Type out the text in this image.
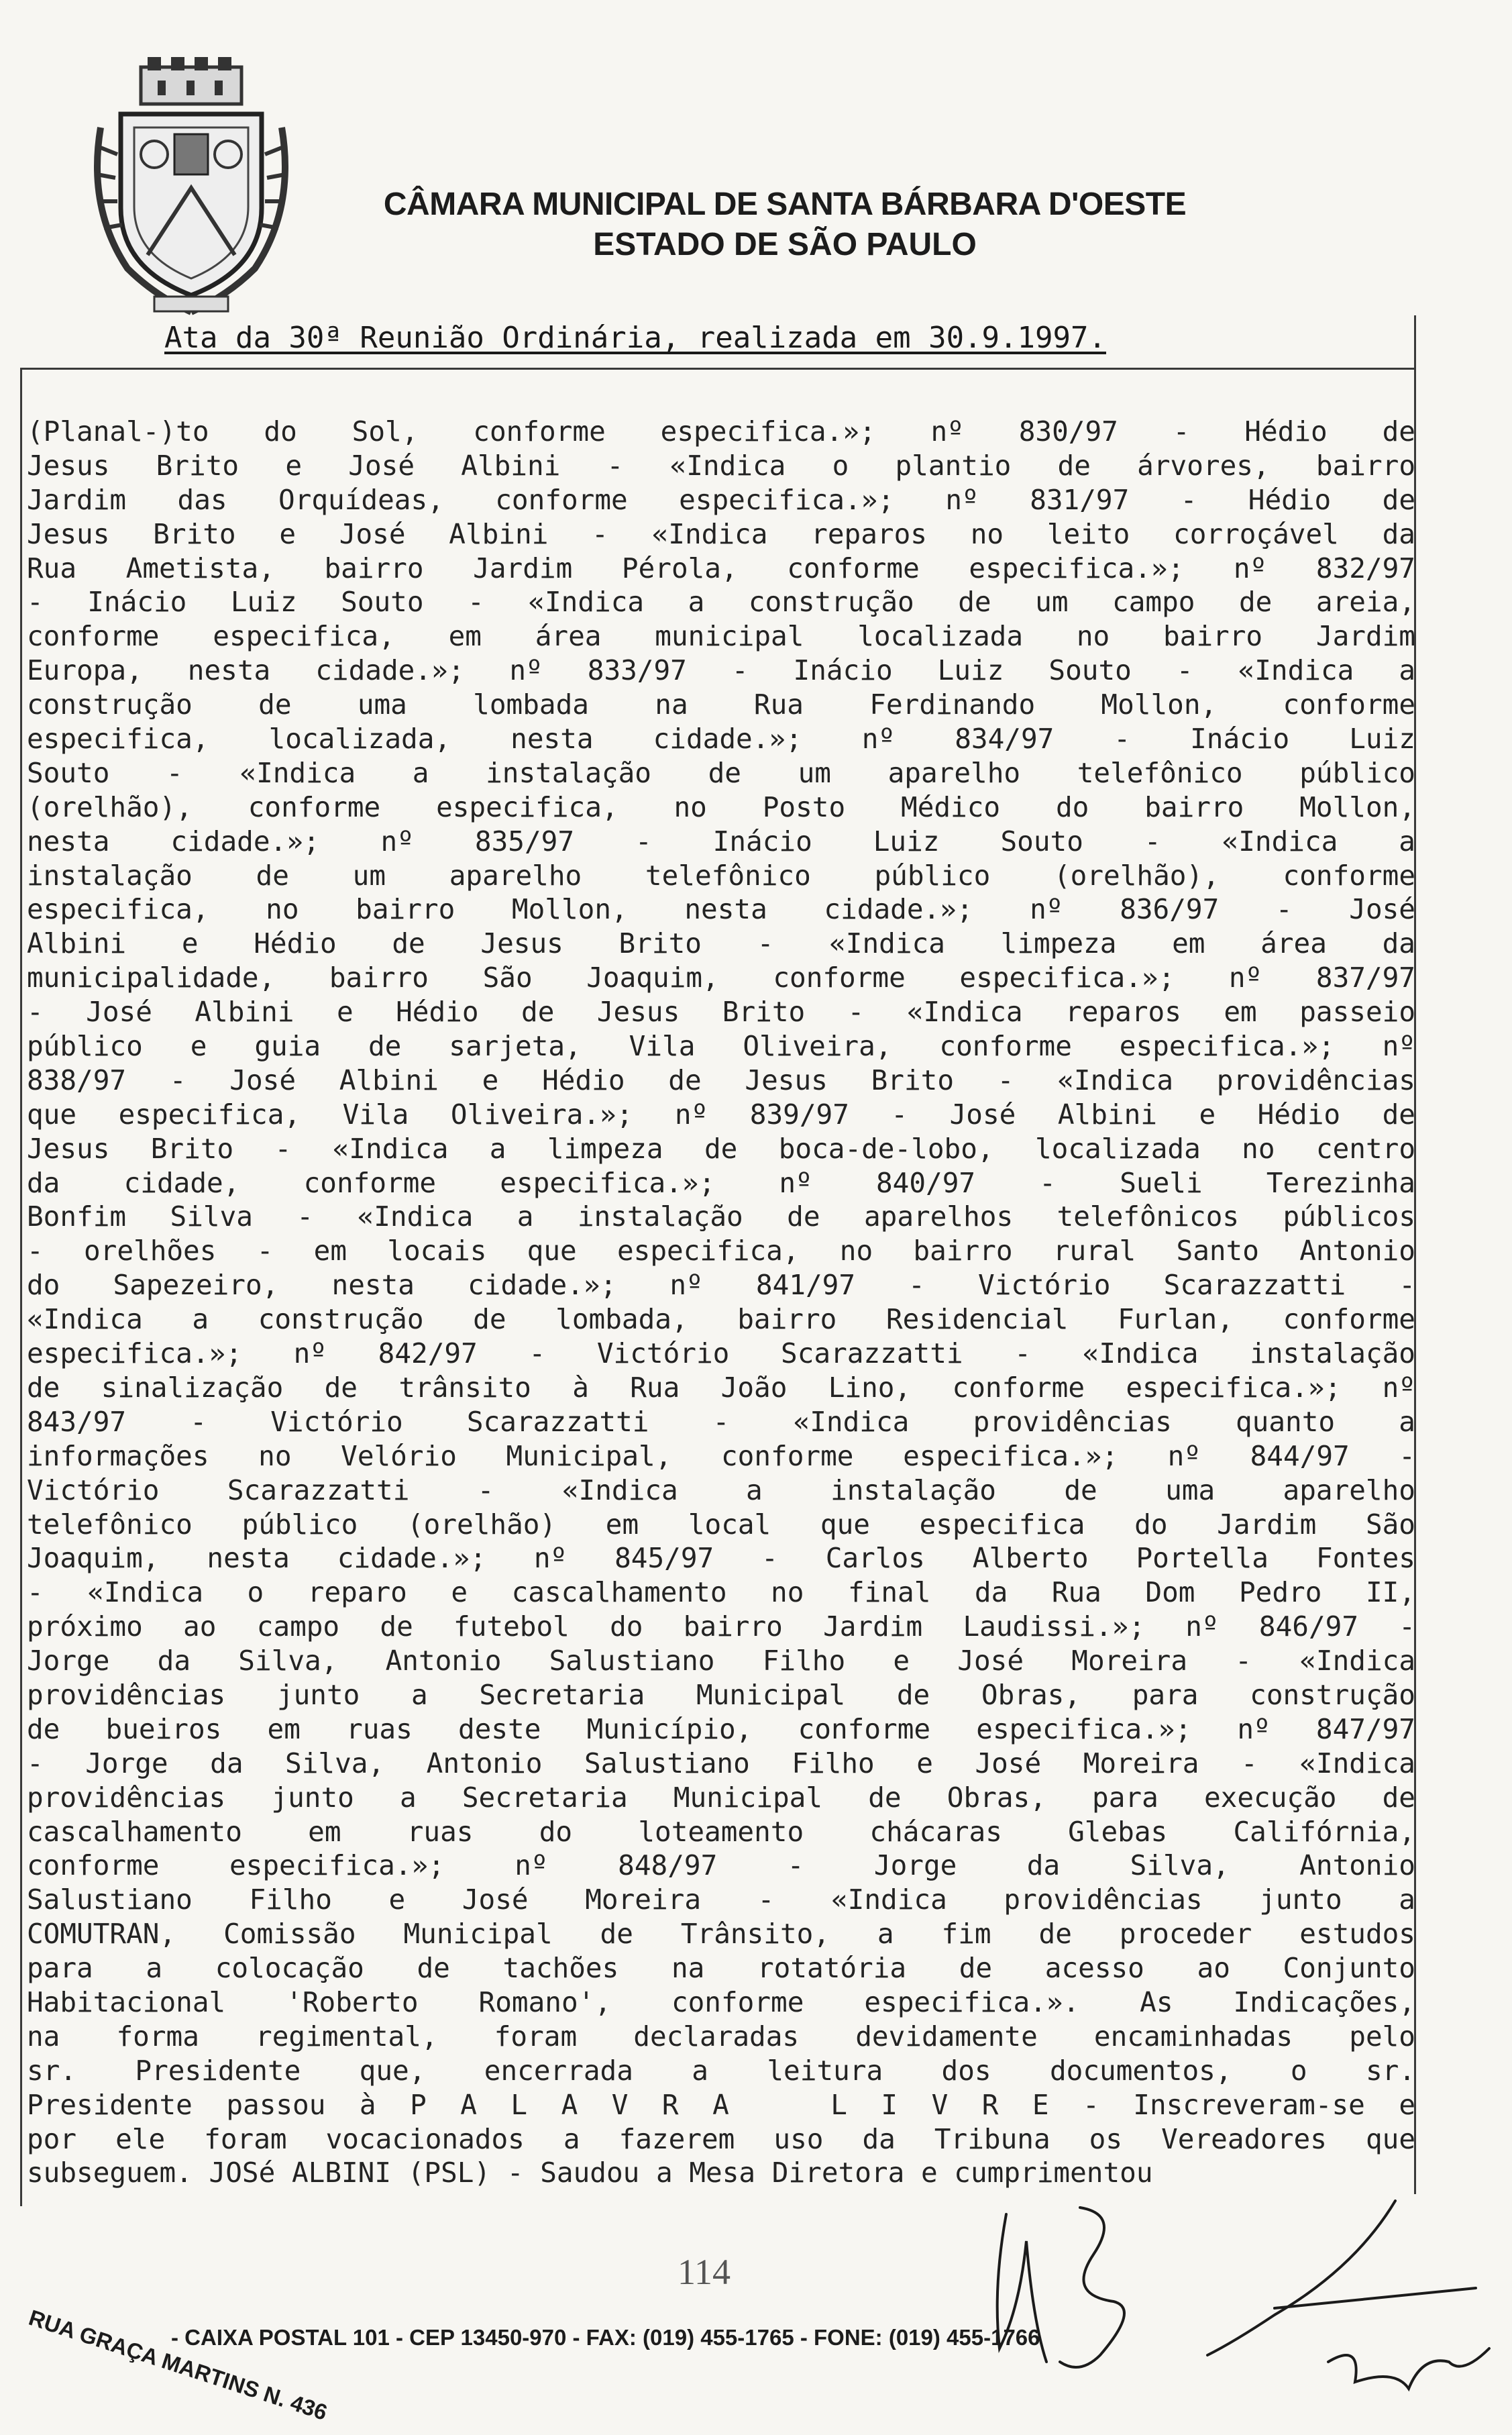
CÂMARA MUNICIPAL DE SANTA BÁRBARA D'OESTE
ESTADO DE SÃO PAULO
Ata da 30ª Reunião Ordinária, realizada em 30.9.1997.
(Planal-)to do Sol, conforme especifica.»; nº 830/97 - Hédio de
Jesus Brito e José Albini - «Indica o plantio de árvores, bairro
Jardim das Orquídeas, conforme especifica.»; nº 831/97 - Hédio de
Jesus Brito e José Albini - «Indica reparos no leito corroçável da
Rua Ametista, bairro Jardim Pérola, conforme especifica.»; nº 832/97
- Inácio Luiz Souto - «Indica a construção de um campo de areia,
conforme especifica, em área municipal localizada no bairro Jardim
Europa, nesta cidade.»; nº 833/97 - Inácio Luiz Souto - «Indica a
construção de uma lombada na Rua Ferdinando Mollon, conforme
especifica, localizada, nesta cidade.»; nº 834/97 - Inácio Luiz
Souto - «Indica a instalação de um aparelho telefônico público
(orelhão), conforme especifica, no Posto Médico do bairro Mollon,
nesta cidade.»; nº 835/97 - Inácio Luiz Souto - «Indica a
instalação de um aparelho telefônico público (orelhão), conforme
especifica, no bairro Mollon, nesta cidade.»; nº 836/97 - José
Albini e Hédio de Jesus Brito - «Indica limpeza em área da
municipalidade, bairro São Joaquim, conforme especifica.»; nº 837/97
- José Albini e Hédio de Jesus Brito - «Indica reparos em passeio
público e guia de sarjeta, Vila Oliveira, conforme especifica.»; nº
838/97 - José Albini e Hédio de Jesus Brito - «Indica providências
que especifica, Vila Oliveira.»; nº 839/97 - José Albini e Hédio de
Jesus Brito - «Indica a limpeza de boca-de-lobo, localizada no centro
da cidade, conforme especifica.»; nº 840/97 - Sueli Terezinha
Bonfim Silva - «Indica a instalação de aparelhos telefônicos públicos
- orelhões - em locais que especifica, no bairro rural Santo Antonio
do Sapezeiro, nesta cidade.»; nº 841/97 - Victório Scarazzatti -
«Indica a construção de lombada, bairro Residencial Furlan, conforme
especifica.»; nº 842/97 - Victório Scarazzatti - «Indica instalação
de sinalização de trânsito à Rua João Lino, conforme especifica.»; nº
843/97 - Victório Scarazzatti - «Indica providências quanto a
informações no Velório Municipal, conforme especifica.»; nº 844/97 -
Victório Scarazzatti - «Indica a instalação de uma aparelho
telefônico público (orelhão) em local que especifica do Jardim São
Joaquim, nesta cidade.»; nº 845/97 - Carlos Alberto Portella Fontes
- «Indica o reparo e cascalhamento no final da Rua Dom Pedro II,
próximo ao campo de futebol do bairro Jardim Laudissi.»; nº 846/97 -
Jorge da Silva, Antonio Salustiano Filho e José Moreira - «Indica
providências junto a Secretaria Municipal de Obras, para construção
de bueiros em ruas deste Município, conforme especifica.»; nº 847/97
- Jorge da Silva, Antonio Salustiano Filho e José Moreira - «Indica
providências junto a Secretaria Municipal de Obras, para execução de
cascalhamento em ruas do loteamento chácaras Glebas Califórnia,
conforme especifica.»; nº 848/97 - Jorge da Silva, Antonio
Salustiano Filho e José Moreira - «Indica providências junto a
COMUTRAN, Comissão Municipal de Trânsito, a fim de proceder estudos
para a colocação de tachões na rotatória de acesso ao Conjunto
Habitacional 'Roberto Romano', conforme especifica.». As Indicações,
na forma regimental, foram declaradas devidamente encaminhadas pelo
sr. Presidente que, encerrada a leitura dos documentos, o sr.
Presidente passou à P A L A V R A   L I V R E - Inscreveram-se e
por ele foram vocacionados a fazerem uso da Tribuna os Vereadores que
subseguem. JOSé ALBINI (PSL) - Saudou a Mesa Diretora e cumprimentou
114
RUA GRAÇA MARTINS N. 436
- CAIXA POSTAL 101 - CEP 13450-970 - FAX: (019) 455-1765 - FONE: (019) 455-1766
